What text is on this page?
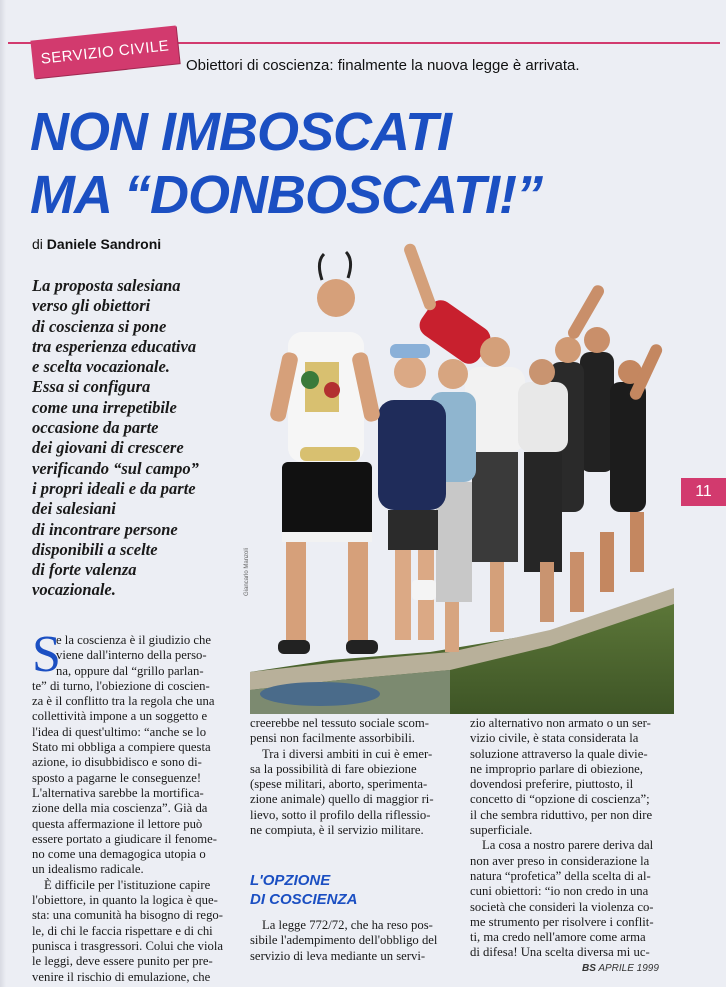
SERVIZIO CIVILE Obiettori di coscienza: finalmente la nuova legge è arrivata.
NON IMBOSCATI
MA “DONBOSCATI!”
di Daniele Sandroni
La proposta salesiana
verso gli obiettori
di coscienza si pone
tra esperienza educativa
e scelta vocazionale.
Essa si configura
come una irrepetibile
occasione da parte
dei giovani di crescere
verificando “sul campo”
i propri ideali e da parte
dei salesiani
di incontrare persone
disponibili a scelte
di forte valenza
vocazionale.	Giancarlo Manzoli
11
S
e la coscienza è il giudizio che
viene dall'interno della perso-
na, oppure dal “grillo parlan-
te” di turno, l'obiezione di coscien-
za è il conflitto tra la regola che una
collettività impone a un soggetto e
l'idea di quest'ultimo: “anche se lo
Stato mi obbliga a compiere questa
azione, io disubbidisco e sono di-
sposto a pagarne le conseguenze!
L'alternativa sarebbe la mortifica-
zione della mia coscienza”. Già da
questa affermazione il lettore può
essere portato a giudicare il fenome-
no come una demagogica utopia o
un idealismo radicale.
È difficile per l'istituzione capire
l'obiettore, in quanto la logica è que-
sta: una comunità ha bisogno di rego-
le, di chi le faccia rispettare e di chi
punisca i trasgressori. Colui che viola
le leggi, deve essere punito per pre-
venire il rischio di emulazione, che
creerebbe nel tessuto sociale scom-
pensi non facilmente assorbibili.
Tra i diversi ambiti in cui è emer-
sa la possibilità di fare obiezione
(spese militari, aborto, sperimenta-
zione animale) quello di maggior ri-
lievo, sotto il profilo della riflessio-
ne compiuta, è il servizio militare.
L'OPZIONE
DI COSCIENZA
La legge 772/72, che ha reso pos-
sibile l'adempimento dell'obbligo del
servizio di leva mediante un servi-
zio alternativo non armato o un ser-
vizio civile, è stata considerata la
soluzione attraverso la quale divie-
ne improprio parlare di obiezione,
dovendosi preferire, piuttosto, il
concetto di “opzione di coscienza”;
il che sembra riduttivo, per non dire
superficiale.
La cosa a nostro parere deriva dal
non aver preso in considerazione la
natura “profetica” della scelta di al-
cuni obiettori: “io non credo in una
società che consideri la violenza co-
me strumento per risolvere i conflit-
ti, ma credo nell'amore come arma
di difesa! Una scelta diversa mi uc-
BS APRILE 1999
